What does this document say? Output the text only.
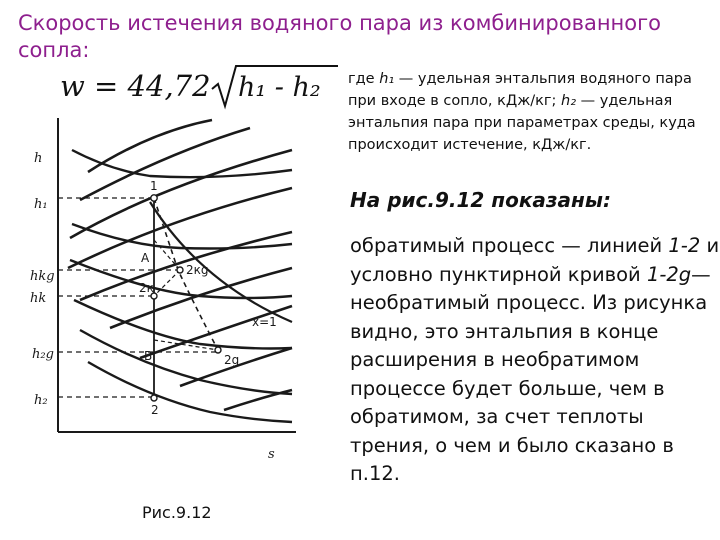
Скорость истечения водяного пара из комбинированного сопла:
w = 44,72 h₁ - h₂ где h₁ — удельная энтальпия водяного пара при входе в сопло, кДж/кг; h₂ — удельная энтальпия пара при параметрах среды, куда происходит истечение, кДж/кг.
На рис.9.12 показаны:
обратимый процесс — линией 1-2 и условно пунктирной кривой 1-2g— необратимый процесс. Из рисунка видно, это энтальпия в конце расширения в необратимом процессе будет больше, чем в обратимом, за счет теплоты трения, о чем и было сказано в п.12.
h
h₁
hkg
hk
h₂g
h₂
s
1
A
2к
2кg
B
2
2g
x=1
Рис.9.12
